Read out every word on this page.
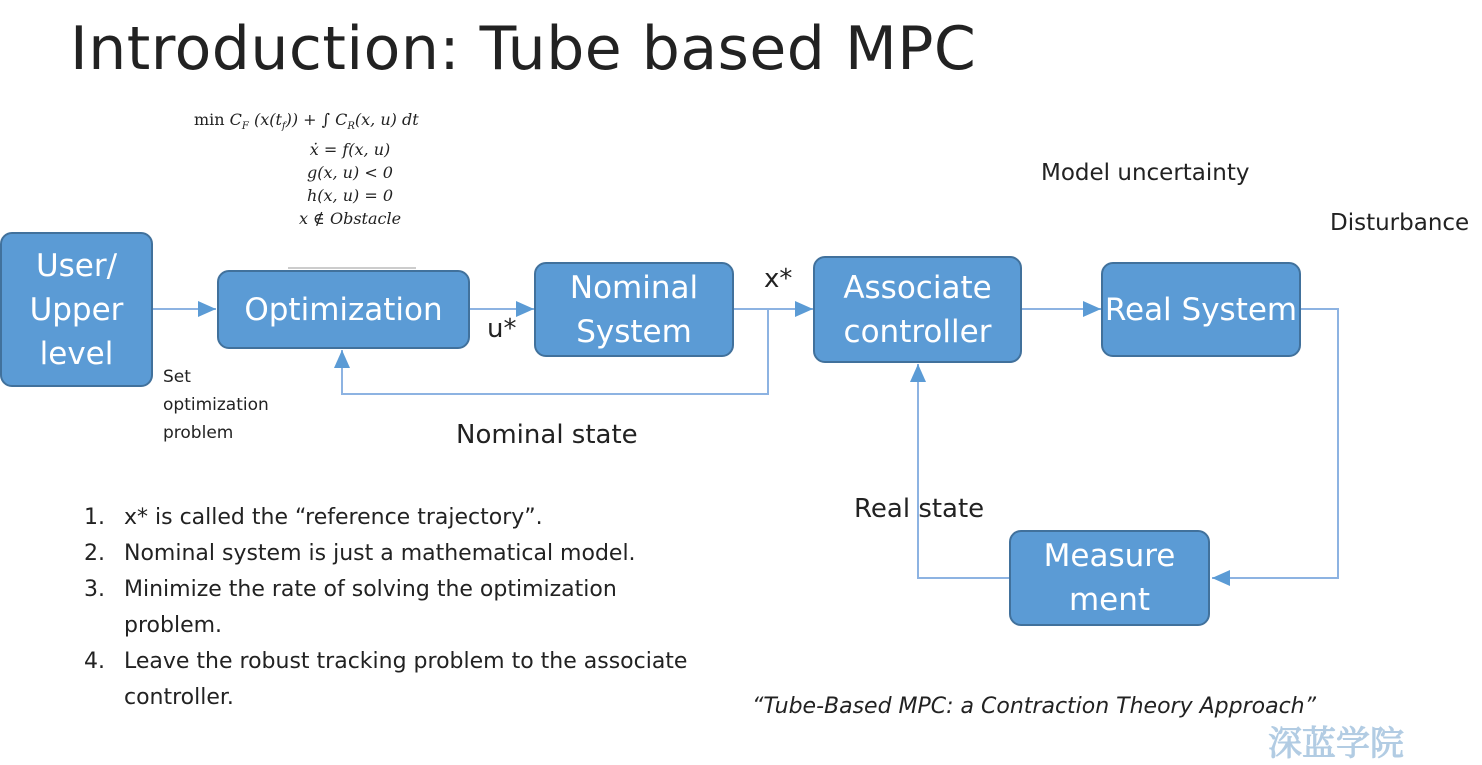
Introduction: Tube based MPC
$\min C_F$ $(x(t_f))$ + ∫ $C_R(x$, u) dt
ẋ = f(x, u)
g(x, u) < 0
h(x, u) = 0
x ∉ Obstacle
User/ Upper level
Optimization
Nominal System
Associate controller
Real System
Measure ment
x*
u*
Set optimization problem	Nominal state
Real state
Model uncertainty
Disturbance
1. x* is called the “reference trajectory”.
2. Nominal system is just a mathematical model.
3. Minimize the rate of solving the optimization problem.
4. Leave the robust tracking problem to the associate controller.	“Tube-Based MPC: a Contraction Theory Approach”
深蓝学院
